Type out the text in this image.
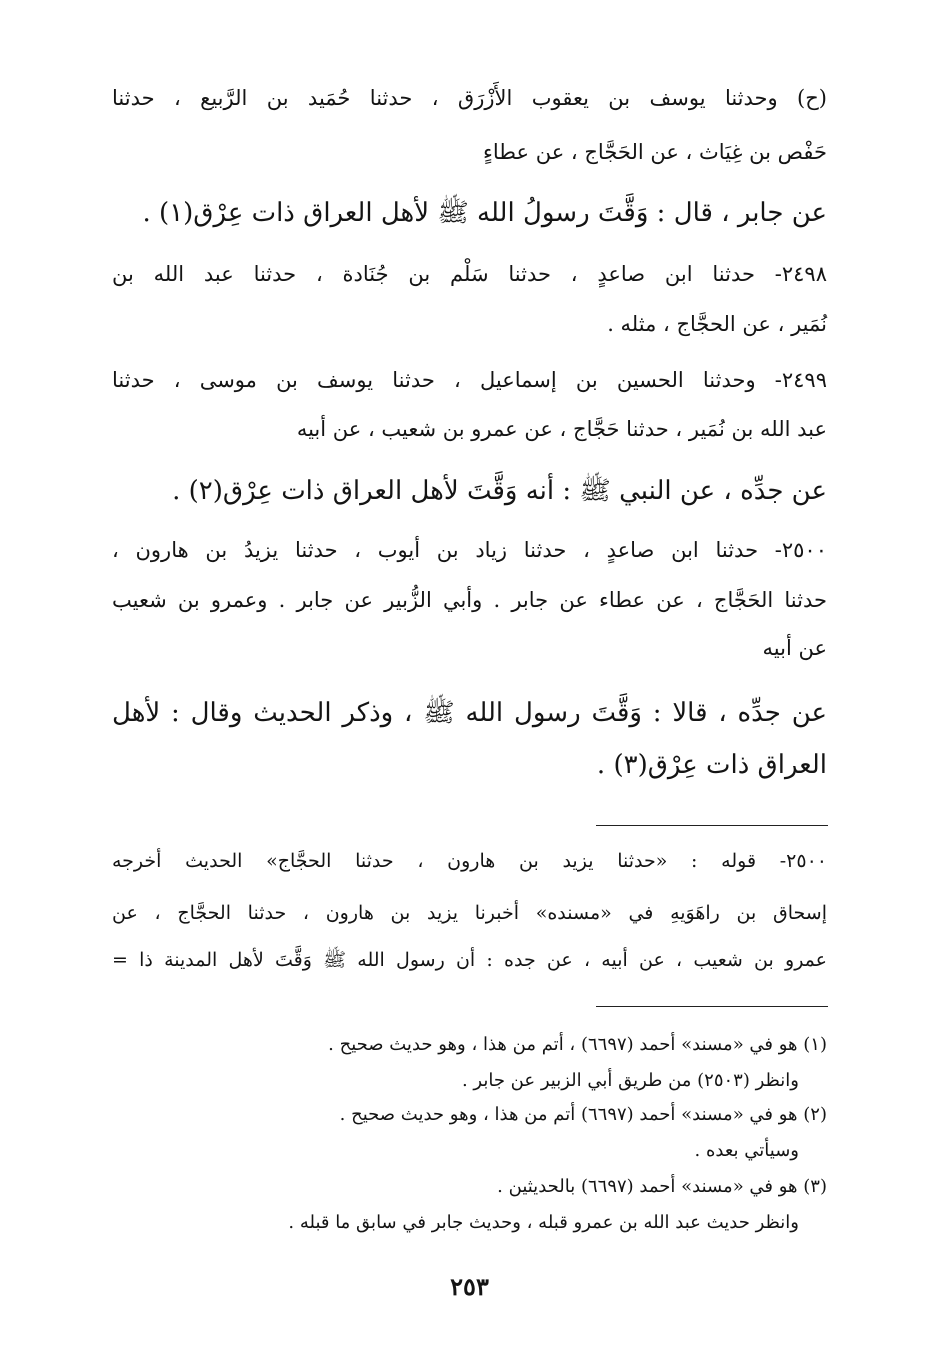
(ح) وحدثنا يوسف بن يعقوب الأَزْرَق ، حدثنا حُمَيد بن الرَّبيع ، حدثنا
حَفْص بن غِيَاث ، عن الحَجَّاج ، عن عطاءٍ
عن جابر ، قال : وَقَّتَ رسولُ الله ﷺ لأهل العراق ذات عِرْق(١) .
٢٤٩٨- حدثنا ابن صاعدٍ ، حدثنا سَلْم بن جُنَادة ، حدثنا عبد الله بن
نُمَير ، عن الحجَّاج ، مثله .
٢٤٩٩- وحدثنا الحسين بن إسماعيل ، حدثنا يوسف بن موسى ، حدثنا
عبد الله بن نُمَير ، حدثنا حَجَّاج ، عن عمرو بن شعيب ، عن أبيه
عن جدِّه ، عن النبي ﷺ : أنه وَقَّتَ لأهل العراق ذات عِرْق(٢) .
٢٥٠٠- حدثنا ابن صاعدٍ ، حدثنا زياد بن أيوب ، حدثنا يزيدُ بن هارون ،
حدثنا الحَجَّاج ، عن عطاء عن جابر . وأبي الزُّبير عن جابر . وعمرو بن شعيب
عن أبيه
عن جدِّه ، قالا : وَقَّتَ رسول الله ﷺ ، وذكر الحديث وقال : لأهل
العراق ذات عِرْق(٣) .
٢٥٠٠- قوله : «حدثنا يزيد بن هارون ، حدثنا الحجَّاج» الحديث أخرجه
إسحاق بن راهَوَيهِ في «مسنده» أخبرنا يزيد بن هارون ، حدثنا الحجَّاج ، عن
عمرو بن شعيب ، عن أبيه ، عن جده : أن رسول الله ﷺ وَقَّتَ لأهل المدينة ذا =
(١) هو في «مسند» أحمد (٦٦٩٧) ، أتم من هذا ، وهو حديث صحيح .
وانظر (٢٥٠٣) من طريق أبي الزبير عن جابر .
(٢) هو في «مسند» أحمد (٦٦٩٧) أتم من هذا ، وهو حديث صحيح .
وسيأتي بعده .
(٣) هو في «مسند» أحمد (٦٦٩٧) بالحديثين .
وانظر حديث عبد الله بن عمرو قبله ، وحديث جابر في سابق ما قبله .
٢٥٣
